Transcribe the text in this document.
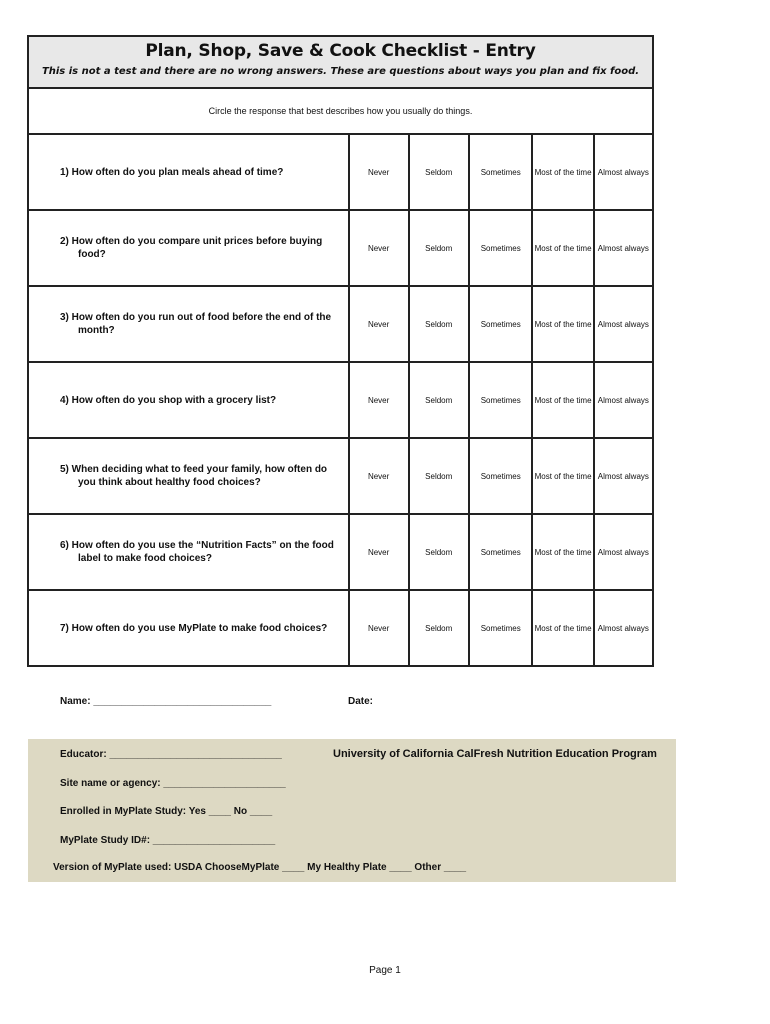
Plan, Shop, Save & Cook Checklist - Entry
This is not a test and there are no wrong answers. These are questions about ways you plan and fix food.
Circle the response that best describes how you usually do things.
1) How often do you plan meals ahead of time?	Never	Seldom	Sometimes	Most of the time	Almost always

2) How often do you compare unit prices before buying food?	Never	Seldom	Sometimes	Most of the time	Almost always

3) How often do you run out of food before the end of the month?	Never	Seldom	Sometimes	Most of the time	Almost always

4) How often do you shop with a grocery list?	Never	Seldom	Sometimes	Most of the time	Almost always

5) When deciding what to feed your family, how often do you think about healthy food choices?	Never	Seldom	Sometimes	Most of the time	Almost always

6) How often do you use the “Nutrition Facts” on the food label to make food choices?	Never	Seldom	Sometimes	Most of the time	Almost always

7) How often do you use MyPlate to make food choices?	Never	Seldom	Sometimes	Most of the time	Almost always
Name: ________________________________	Date:
Educator: _______________________________	University of California CalFresh Nutrition Education Program
Site name or agency: ______________________
Enrolled in MyPlate Study: Yes ____ No ____
MyPlate Study ID#: ______________________
Version of MyPlate used: USDA ChooseMyPlate ____ My Healthy Plate ____ Other ____
Page 1
